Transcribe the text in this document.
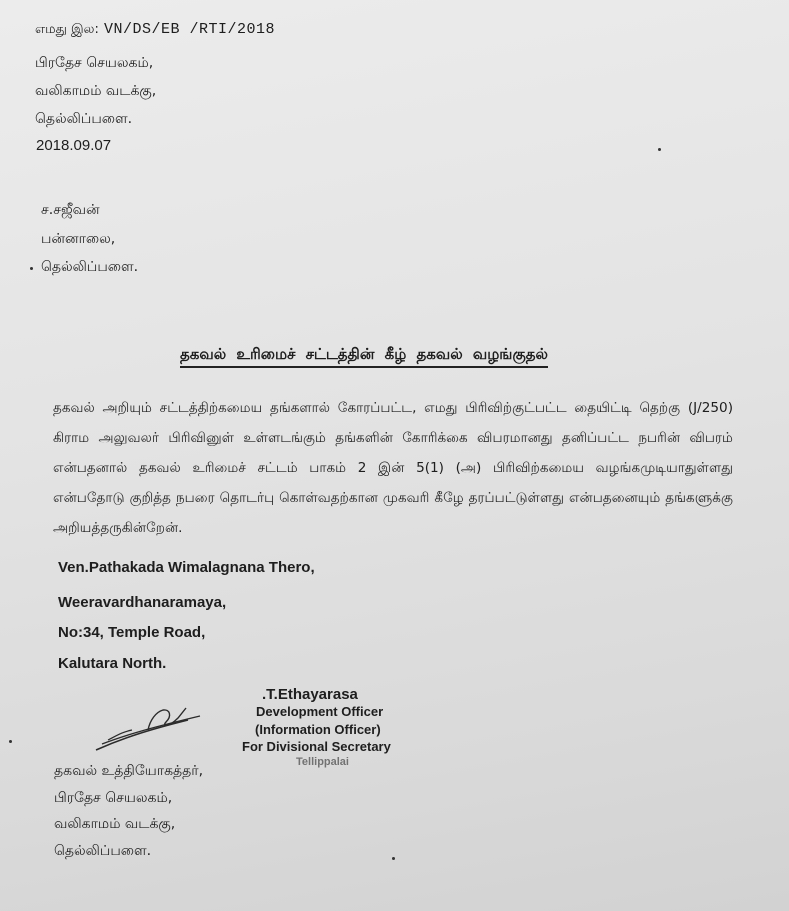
எமது இல: VN/DS/EB /RTI/2018
பிரதேச செயலகம்,
வலிகாமம் வடக்கு,
தெல்லிப்பளை.
2018.09.07
ச.சஜீவன்
பன்னாலை,
தெல்லிப்பளை.
தகவல் உரிமைச் சட்டத்தின் கீழ் தகவல் வழங்குதல்
தகவல் அறியும் சட்டத்திற்கமைய தங்களால் கோரப்பட்ட, எமது பிரிவிற்குட்பட்ட தையிட்டி தெற்கு (J/250) கிராம அலுவலர் பிரிவினுள் உள்ளடங்கும் தங்களின் கோரிக்கை விபரமானது தனிப்பட்ட நபரின் விபரம் என்பதனால் தகவல் உரிமைச் சட்டம் பாகம் 2 இன் 5(1) (அ) பிரிவிற்கமைய வழங்கமுடியாதுள்ளது என்பதோடு குறித்த நபரை தொடர்பு கொள்வதற்கான முகவரி கீழே தரப்பட்டுள்ளது என்பதனையும் தங்களுக்கு அறியத்தருகின்றேன்.
Ven.Pathakada Wimalagnana Thero,
Weeravardhanaramaya,
No:34, Temple Road,
Kalutara North.
.T.Ethayarasa
Development Officer
(Information Officer)
For Divisional Secretary
Tellippalai
தகவல் உத்தியோகத்தர்,
பிரதேச செயலகம்,
வலிகாமம் வடக்கு,
தெல்லிப்பளை.
